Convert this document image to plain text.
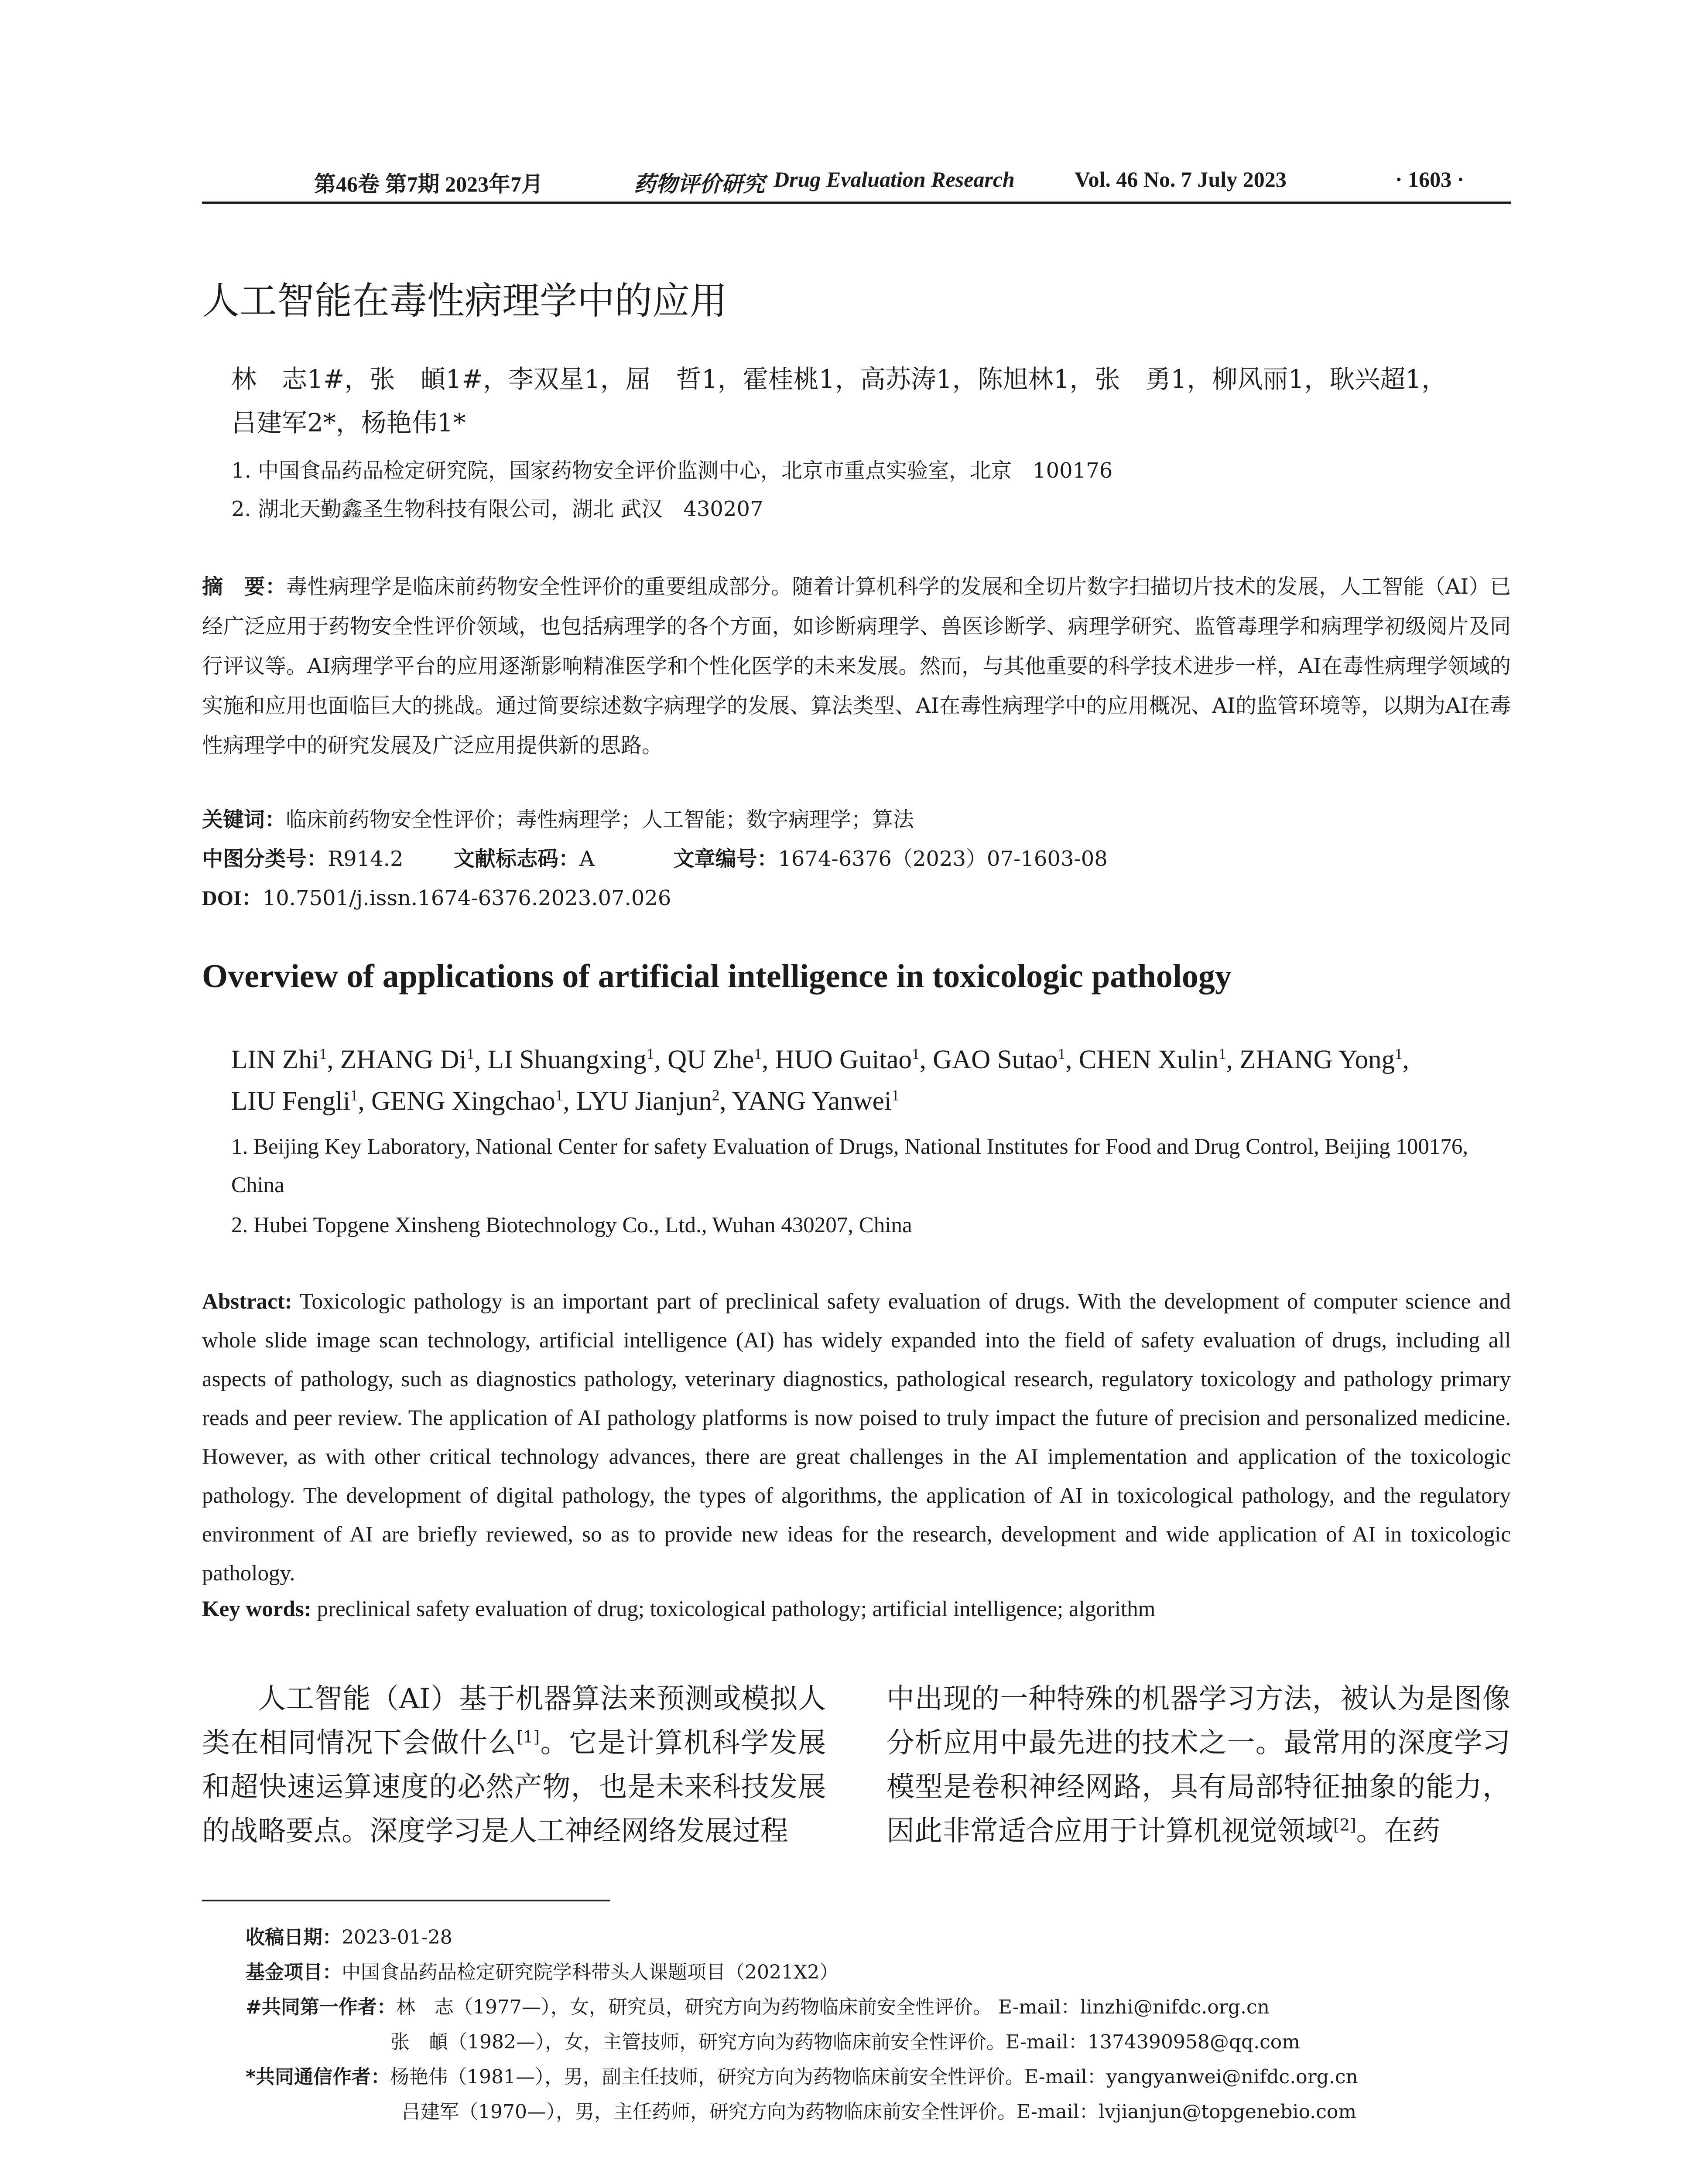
第46卷 第7期 2023年7月	药物评价研究 Drug Evaluation Research	Vol. 46 No. 7 July 2023	· 1603 ·
人工智能在毒性病理学中的应用
林　志1#，张　頔1#，李双星1，屈　哲1，霍桂桃1，高苏涛1，陈旭林1，张　勇1，柳风丽1，耿兴超1，
吕建军2*，杨艳伟1*
1. 中国食品药品检定研究院，国家药物安全评价监测中心，北京市重点实验室，北京　100176
2. 湖北天勤鑫圣生物科技有限公司，湖北 武汉　430207
摘　要：毒性病理学是临床前药物安全性评价的重要组成部分。随着计算机科学的发展和全切片数字扫描切片技术的发展，人工智能（AI）已经广泛应用于药物安全性评价领域，也包括病理学的各个方面，如诊断病理学、兽医诊断学、病理学研究、监管毒理学和病理学初级阅片及同行评议等。AI病理学平台的应用逐渐影响精准医学和个性化医学的未来发展。然而，与其他重要的科学技术进步一样，AI在毒性病理学领域的实施和应用也面临巨大的挑战。通过简要综述数字病理学的发展、算法类型、AI在毒性病理学中的应用概况、AI的监管环境等，以期为AI在毒性病理学中的研究发展及广泛应用提供新的思路。
关键词：临床前药物安全性评价；毒性病理学；人工智能；数字病理学；算法
中图分类号：R914.2 文献标志码：A	文章编号：1674-6376（2023）07-1603-08
DOI：10.7501/j.issn.1674-6376.2023.07.026
Overview of applications of artificial intelligence in toxicologic pathology
LIN Zhi$^1$, ZHANG Di$^1$, LI Shuangxing$^1$, QU Zhe$^1$, HUO Guitao$^1$, GAO Sutao$^1$, CHEN Xulin$^1$, ZHANG Yong$^1$,
LIU Fengli$^1$, GENG Xingchao$^1$, LYU Jianjun$^2$, YANG Yanwei$^1$
1. Beijing Key Laboratory, National Center for safety Evaluation of Drugs, National Institutes for Food and Drug Control, Beijing 100176, China
2. Hubei Topgene Xinsheng Biotechnology Co., Ltd., Wuhan 430207, China
Abstract: Toxicologic pathology is an important part of preclinical safety evaluation of drugs. With the development of computer science and whole slide image scan technology, artificial intelligence (AI) has widely expanded into the field of safety evaluation of drugs, including all aspects of pathology, such as diagnostics pathology, veterinary diagnostics, pathological research, regulatory toxicology and pathology primary reads and peer review. The application of AI pathology platforms is now poised to truly impact the future of precision and personalized medicine. However, as with other critical technology advances, there are great challenges in the AI implementation and application of the toxicologic pathology. The development of digital pathology, the types of algorithms, the application of AI in toxicological pathology, and the regulatory environment of AI are briefly reviewed, so as to provide new ideas for the research, development and wide application of AI in toxicologic pathology.
Key words: preclinical safety evaluation of drug; toxicological pathology; artificial intelligence; algorithm
人工智能（AI）基于机器算法来预测或模拟人类在相同情况下会做什么[1]。它是计算机科学发展和超快速运算速度的必然产物，也是未来科技发展的战略要点。深度学习是人工神经网络发展过程
中出现的一种特殊的机器学习方法，被认为是图像分析应用中最先进的技术之一。最常用的深度学习模型是卷积神经网路，具有局部特征抽象的能力，因此非常适合应用于计算机视觉领域[2]。在药
收稿日期：2023-01-28
基金项目：中国食品药品检定研究院学科带头人课题项目（2021X2）
#共同第一作者：林　志（1977—），女，研究员，研究方向为药物临床前安全性评价。 E-mail：linzhi@nifdc.org.cn
张　頔（1982—），女，主管技师，研究方向为药物临床前安全性评价。E-mail：1374390958@qq.com
*共同通信作者：杨艳伟（1981—），男，副主任技师，研究方向为药物临床前安全性评价。E-mail：yangyanwei@nifdc.org.cn
吕建军（1970—），男，主任药师，研究方向为药物临床前安全性评价。E-mail：lvjianjun@topgenebio.com
